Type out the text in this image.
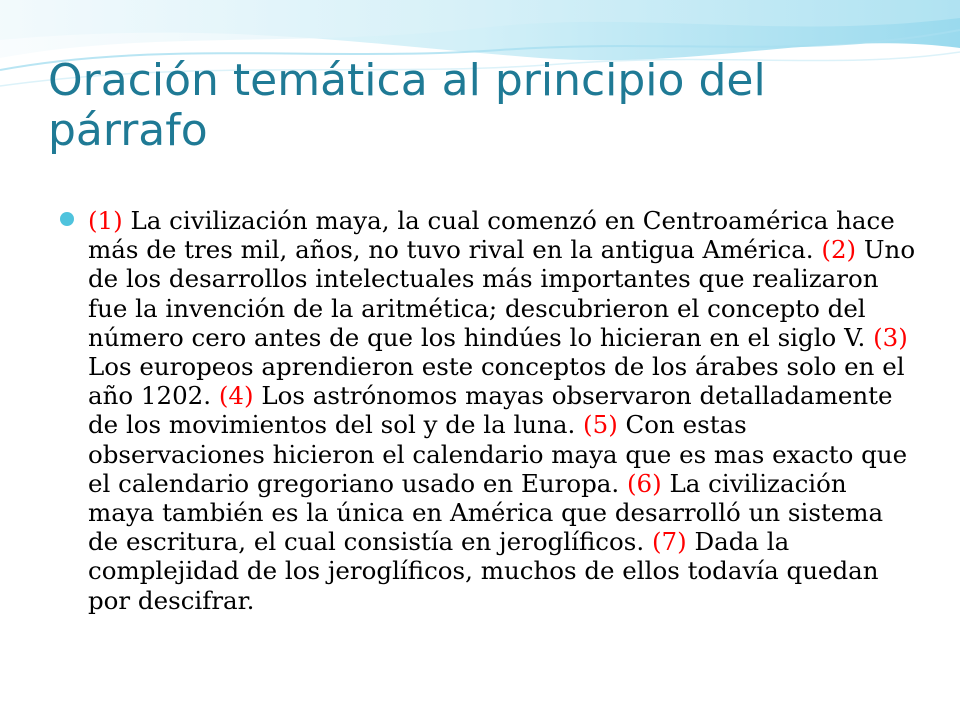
Oración temática al principio del párrafo

(1) La civilización maya, la cual comenzó en Centroamérica hace más de tres mil, años, no tuvo rival en la antigua América. (2) Uno de los desarrollos intelectuales más importantes que realizaron fue la invención de la aritmética; descubrieron el concepto del número cero antes de que los hindúes lo hicieran en el siglo V. (3) Los europeos aprendieron este conceptos de los árabes solo en el año 1202. (4) Los astrónomos mayas observaron detalladamente de los movimientos del sol y de la luna. (5) Con estas observaciones hicieron el calendario maya que es mas exacto que el calendario gregoriano usado en Europa. (6) La civilización maya también es la única en América que desarrolló un sistema de escritura, el cual consistía en jeroglíficos. (7) Dada la complejidad de los jeroglíficos, muchos de ellos todavía quedan por descifrar.
